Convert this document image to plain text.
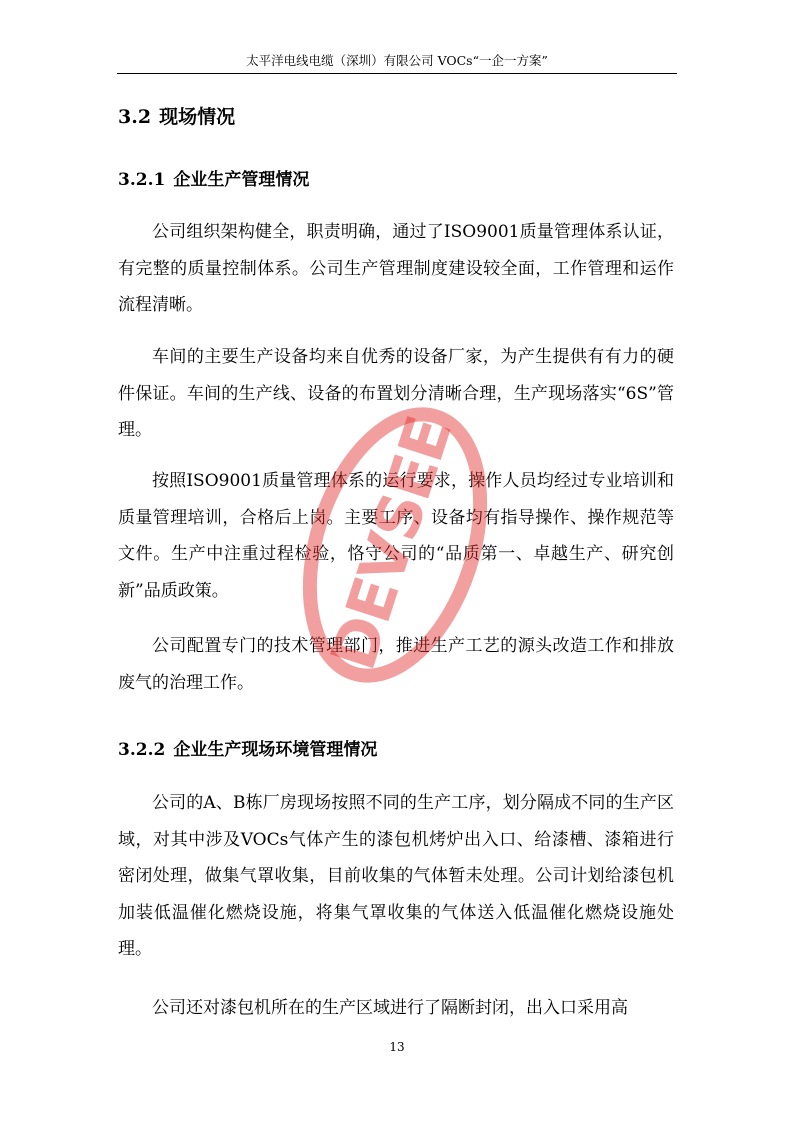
太平洋电线电缆（深圳）有限公司 VOCs“一企一方案”
3.2 现场情况
3.2.1 企业生产管理情况

公司组织架构健全，职责明确，通过了ISO9001质量管理体系认证，有完整的质量控制体系。公司生产管理制度建设较全面，工作管理和运作流程清晰。

车间的主要生产设备均来自优秀的设备厂家，为产生提供有有力的硬件保证。车间的生产线、设备的布置划分清晰合理，生产现场落实“6S”管理。

按照ISO9001质量管理体系的运行要求，操作人员均经过专业培训和质量管理培训，合格后上岗。主要工序、设备均有指导操作、操作规范等文件。生产中注重过程检验，恪守公司的“品质第一、卓越生产、研究创新”品质政策。

公司配置专门的技术管理部门，推进生产工艺的源头改造工作和排放废气的治理工作。

3.2.2 企业生产现场环境管理情况

公司的A、B栋厂房现场按照不同的生产工序，划分隔成不同的生产区域，对其中涉及VOCs气体产生的漆包机烤炉出入口、给漆槽、漆箱进行密闭处理，做集气罩收集，目前收集的气体暂未处理。公司计划给漆包机加装低温催化燃烧设施，将集气罩收集的气体送入低温催化燃烧设施处理。

公司还对漆包机所在的生产区域进行了隔断封闭，出入口采用高

13
DEVSEE
